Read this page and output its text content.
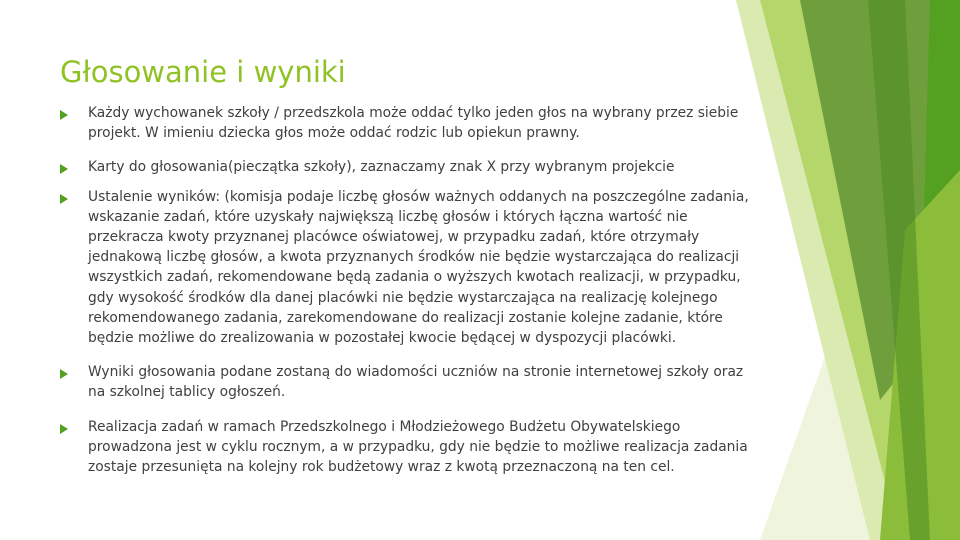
Głosowanie i wyniki
Każdy wychowanek szkoły / przedszkola może oddać tylko jeden głos na wybrany przez siebie projekt. W imieniu dziecka głos może oddać rodzic lub opiekun prawny.
Karty do głosowania(pieczątka szkoły), zaznaczamy znak X przy wybranym projekcie
Ustalenie wyników: (komisja podaje liczbę głosów ważnych oddanych na poszczególne zadania, wskazanie zadań, które uzyskały największą liczbę głosów i których łączna wartość nie przekracza kwoty przyznanej placówce oświatowej, w przypadku zadań, które otrzymały jednakową liczbę głosów, a kwota przyznanych środków nie będzie wystarczająca do realizacji wszystkich zadań, rekomendowane będą zadania o wyższych kwotach realizacji, w przypadku, gdy wysokość środków dla danej placówki nie będzie wystarczająca na realizację kolejnego rekomendowanego zadania, zarekomendowane do realizacji zostanie kolejne zadanie, które będzie możliwe do zrealizowania w pozostałej kwocie będącej w dyspozycji placówki.
Wyniki głosowania podane zostaną do wiadomości uczniów na stronie internetowej szkoły oraz na szkolnej tablicy ogłoszeń.
Realizacja zadań w ramach Przedszkolnego i Młodzieżowego Budżetu Obywatelskiego prowadzona jest w cyklu rocznym, a w przypadku, gdy nie będzie to możliwe realizacja zadania zostaje przesunięta na kolejny rok budżetowy wraz z kwotą przeznaczoną na ten cel.
